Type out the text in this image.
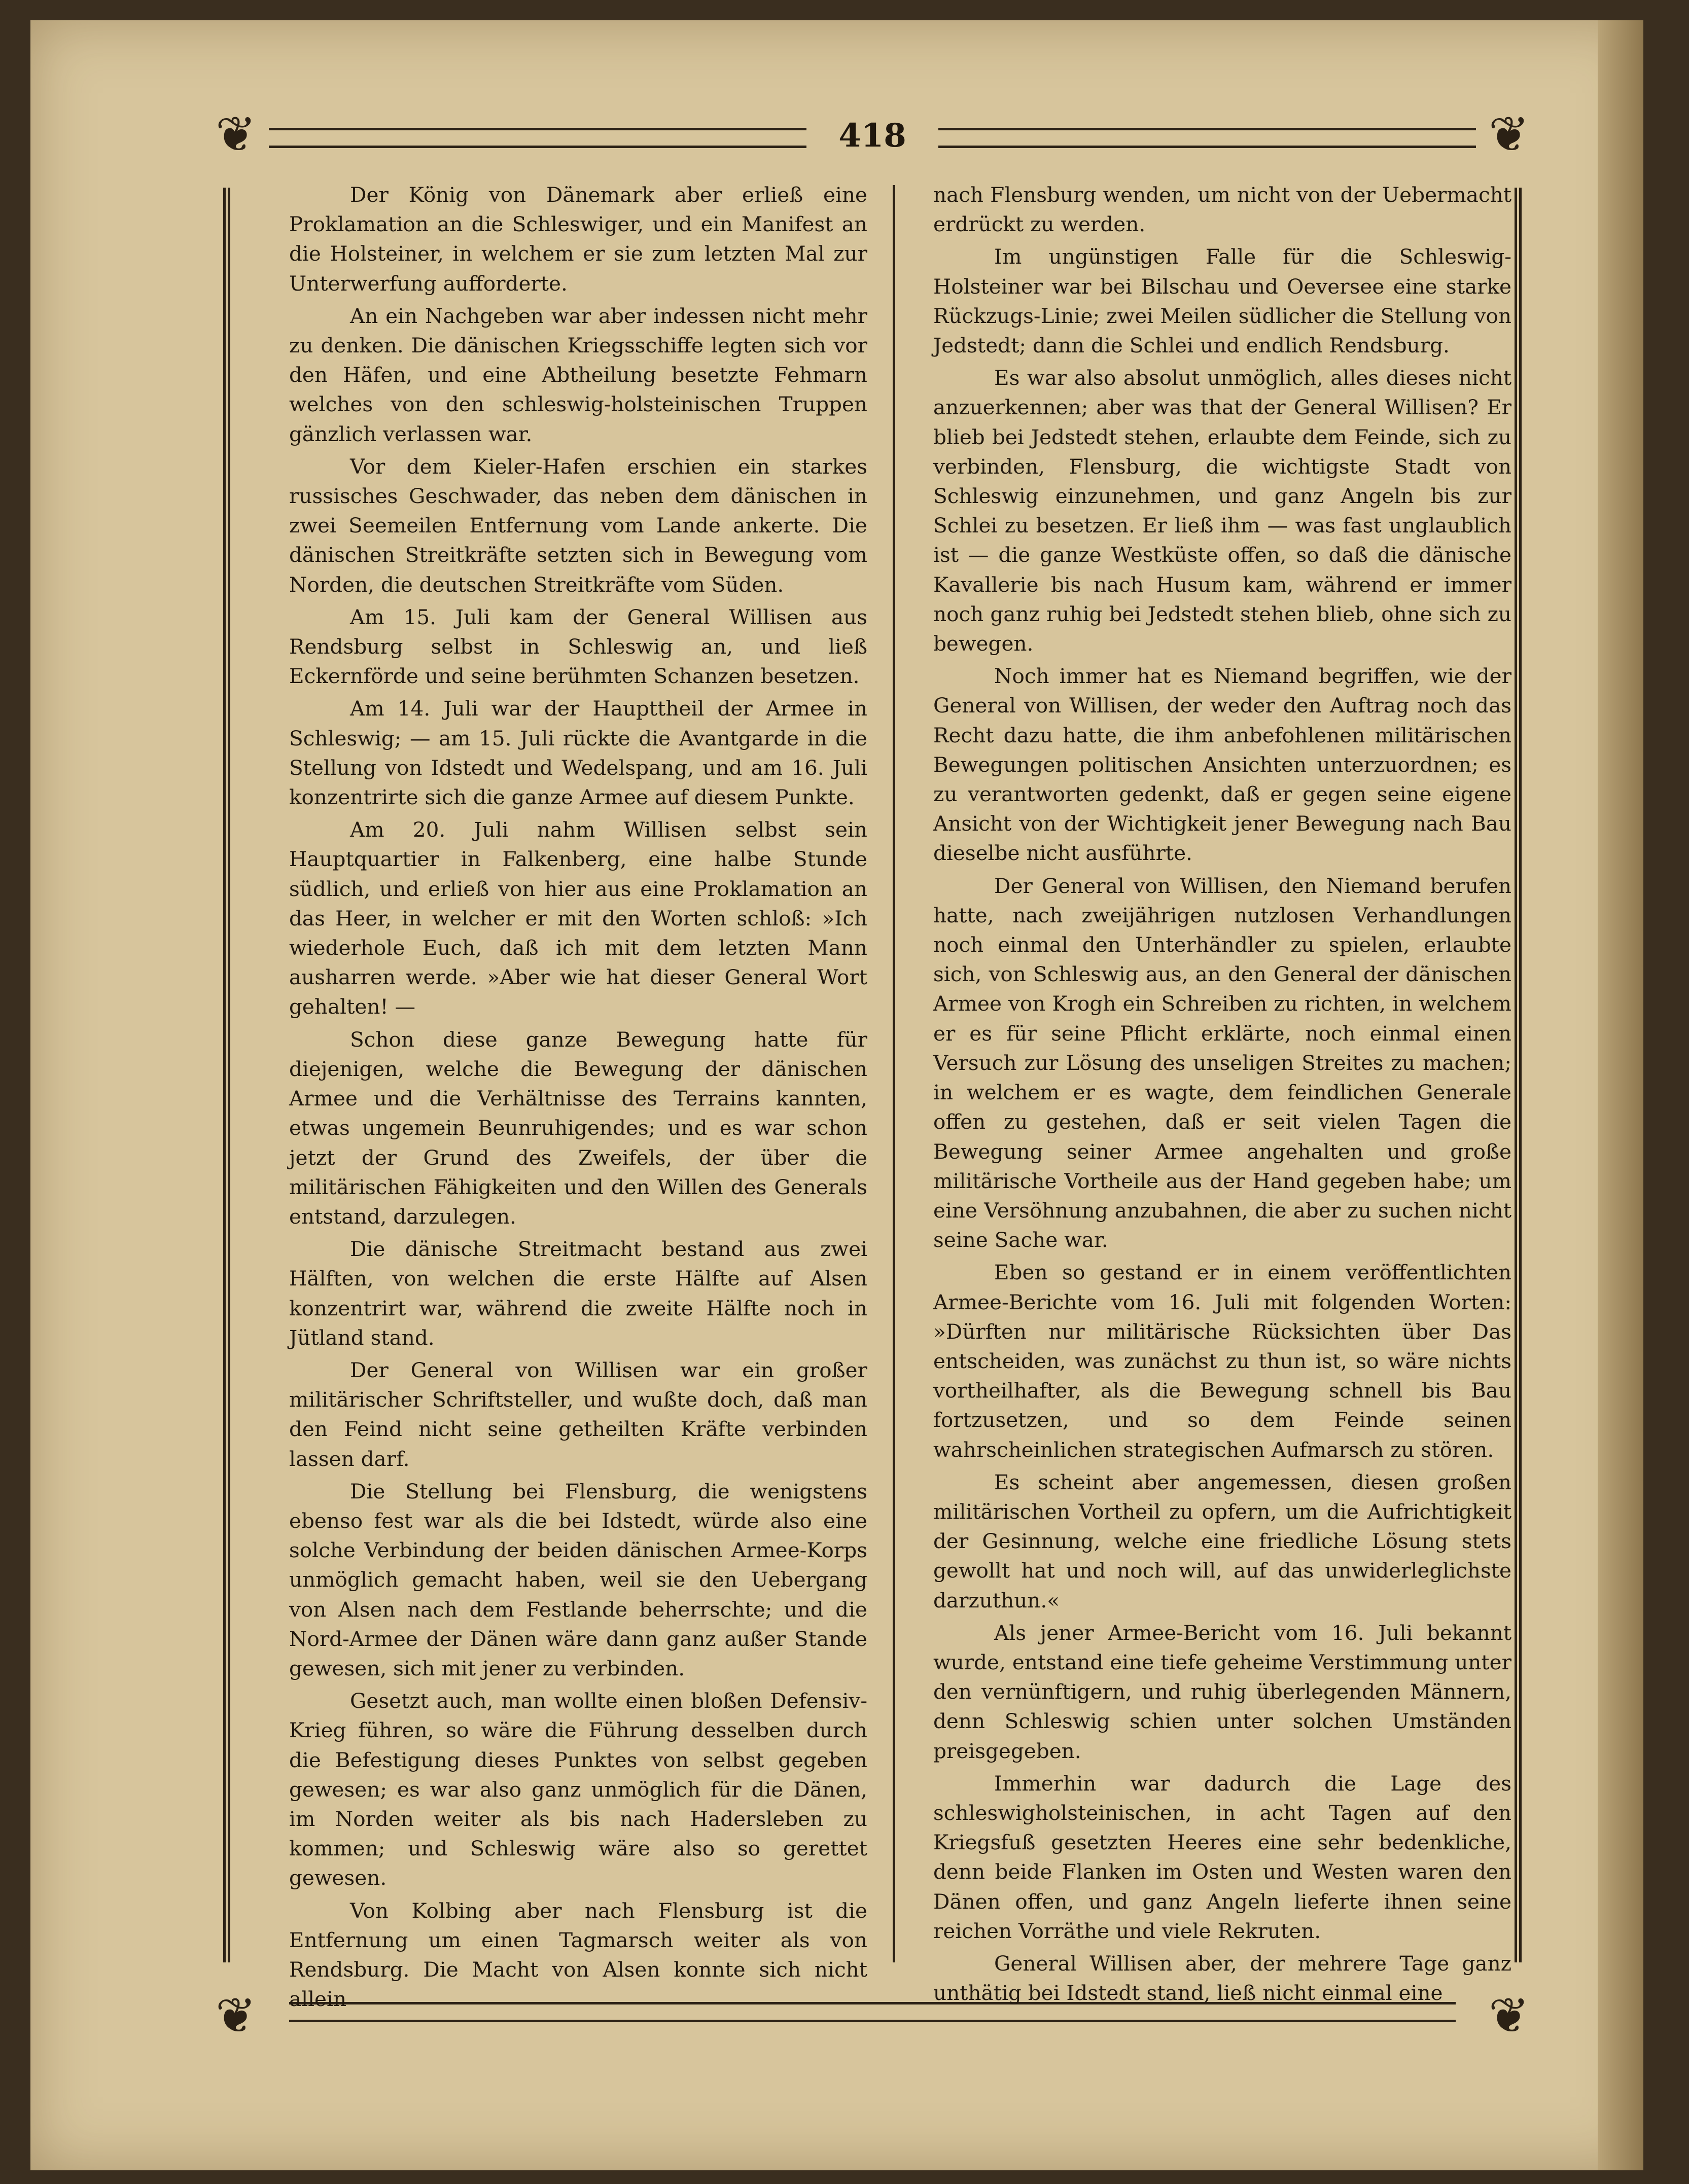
❦	❦
❦	❦
418

Der König von Dänemark aber erließ eine Proklamation an die Schleswiger, und ein Manifest an die Holsteiner, in welchem er sie zum letzten Mal zur Unterwerfung aufforderte.

An ein Nachgeben war aber indessen nicht mehr zu denken. Die dänischen Kriegsschiffe legten sich vor den Häfen, und eine Abtheilung besetzte Fehmarn welches von den schleswig-holsteinischen Truppen gänzlich verlassen war.

Vor dem Kieler-Hafen erschien ein starkes russisches Geschwader, das neben dem dänischen in zwei Seemeilen Entfernung vom Lande ankerte. Die dänischen Streitkräfte setzten sich in Bewegung vom Norden, die deutschen Streitkräfte vom Süden.

Am 15. Juli kam der General Willisen aus Rendsburg selbst in Schleswig an, und ließ Eckernförde und seine berühmten Schanzen besetzen.

Am 14. Juli war der Haupttheil der Armee in Schleswig; — am 15. Juli rückte die Avantgarde in die Stellung von Idstedt und Wedelspang, und am 16. Juli konzentrirte sich die ganze Armee auf diesem Punkte.

Am 20. Juli nahm Willisen selbst sein Hauptquartier in Falkenberg, eine halbe Stunde südlich, und erließ von hier aus eine Proklamation an das Heer, in welcher er mit den Worten schloß: »Ich wiederhole Euch, daß ich mit dem letzten Mann ausharren werde. »Aber wie hat dieser General Wort gehalten! —

Schon diese ganze Bewegung hatte für diejenigen, welche die Bewegung der dänischen Armee und die Verhältnisse des Terrains kannten, etwas ungemein Beunruhigendes; und es war schon jetzt der Grund des Zweifels, der über die militärischen Fähigkeiten und den Willen des Generals entstand, darzulegen.

Die dänische Streitmacht bestand aus zwei Hälften, von welchen die erste Hälfte auf Alsen konzentrirt war, während die zweite Hälfte noch in Jütland stand.

Der General von Willisen war ein großer militärischer Schriftsteller, und wußte doch, daß man den Feind nicht seine getheilten Kräfte verbinden lassen darf.

Die Stellung bei Flensburg, die wenigstens ebenso fest war als die bei Idstedt, würde also eine solche Verbindung der beiden dänischen Armee-Korps unmöglich gemacht haben, weil sie den Uebergang von Alsen nach dem Festlande beherrschte; und die Nord-Armee der Dänen wäre dann ganz außer Stande gewesen, sich mit jener zu verbinden.

Gesetzt auch, man wollte einen bloßen Defensiv-Krieg führen, so wäre die Führung desselben durch die Befestigung dieses Punktes von selbst gegeben gewesen; es war also ganz unmöglich für die Dänen, im Norden weiter als bis nach Hadersleben zu kommen; und Schleswig wäre also so gerettet gewesen.

Von Kolbing aber nach Flensburg ist die Entfernung um einen Tagmarsch weiter als von Rendsburg. Die Macht von Alsen konnte sich nicht allein

nach Flensburg wenden, um nicht von der Uebermacht erdrückt zu werden.

Im ungünstigen Falle für die Schleswig-Holsteiner war bei Bilschau und Oeversee eine starke Rückzugs-Linie; zwei Meilen südlicher die Stellung von Jedstedt; dann die Schlei und endlich Rendsburg.

Es war also absolut unmöglich, alles dieses nicht anzuerkennen; aber was that der General Willisen? Er blieb bei Jedstedt stehen, erlaubte dem Feinde, sich zu verbinden, Flensburg, die wichtigste Stadt von Schleswig einzunehmen, und ganz Angeln bis zur Schlei zu besetzen. Er ließ ihm — was fast unglaublich ist — die ganze Westküste offen, so daß die dänische Kavallerie bis nach Husum kam, während er immer noch ganz ruhig bei Jedstedt stehen blieb, ohne sich zu bewegen.

Noch immer hat es Niemand begriffen, wie der General von Willisen, der weder den Auftrag noch das Recht dazu hatte, die ihm anbefohlenen militärischen Bewegungen politischen Ansichten unterzuordnen; es zu verantworten gedenkt, daß er gegen seine eigene Ansicht von der Wichtigkeit jener Bewegung nach Bau dieselbe nicht ausführte.

Der General von Willisen, den Niemand berufen hatte, nach zweijährigen nutzlosen Verhandlungen noch einmal den Unterhändler zu spielen, erlaubte sich, von Schleswig aus, an den General der dänischen Armee von Krogh ein Schreiben zu richten, in welchem er es für seine Pflicht erklärte, noch einmal einen Versuch zur Lösung des unseligen Streites zu machen; in welchem er es wagte, dem feindlichen Generale offen zu gestehen, daß er seit vielen Tagen die Bewegung seiner Armee angehalten und große militärische Vortheile aus der Hand gegeben habe; um eine Versöhnung anzubahnen, die aber zu suchen nicht seine Sache war.

Eben so gestand er in einem veröffentlichten Armee-Berichte vom 16. Juli mit folgenden Worten: »Dürften nur militärische Rücksichten über Das entscheiden, was zunächst zu thun ist, so wäre nichts vortheilhafter, als die Bewegung schnell bis Bau fortzusetzen, und so dem Feinde seinen wahrscheinlichen strategischen Aufmarsch zu stören.

Es scheint aber angemessen, diesen großen militärischen Vortheil zu opfern, um die Aufrichtigkeit der Gesinnung, welche eine friedliche Lösung stets gewollt hat und noch will, auf das unwiderleglichste darzuthun.«

Als jener Armee-Bericht vom 16. Juli bekannt wurde, entstand eine tiefe geheime Verstimmung unter den vernünftigern, und ruhig überlegenden Männern, denn Schleswig schien unter solchen Umständen preisgegeben.

Immerhin war dadurch die Lage des schleswigholsteinischen, in acht Tagen auf den Kriegsfuß gesetzten Heeres eine sehr bedenkliche, denn beide Flanken im Osten und Westen waren den Dänen offen, und ganz Angeln lieferte ihnen seine reichen Vorräthe und viele Rekruten.

General Willisen aber, der mehrere Tage ganz unthätig bei Idstedt stand, ließ nicht einmal eine
